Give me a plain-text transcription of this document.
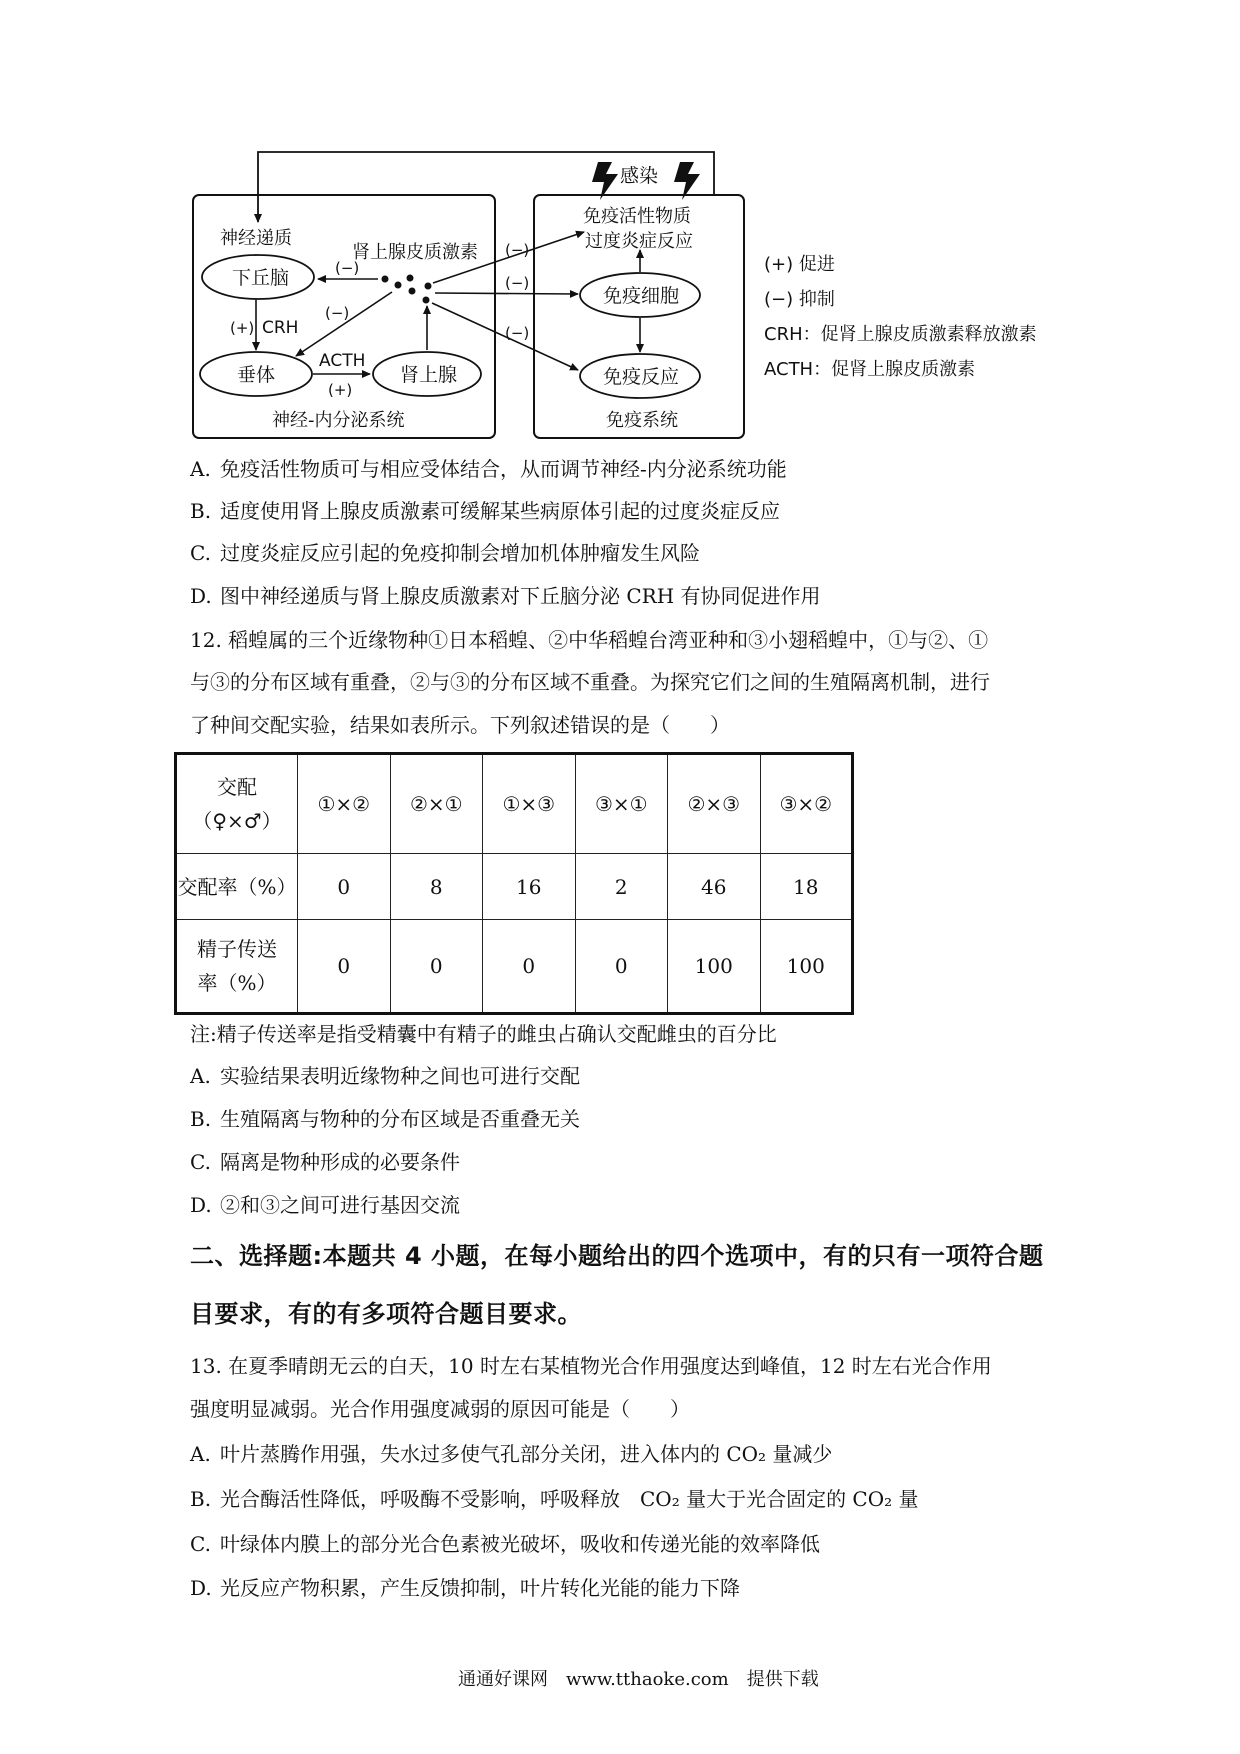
感染
免疫活性物质
过度炎症反应
神经递质
肾上腺皮质激素
下丘脑
垂体	肾上腺
免疫细胞
免疫反应
CRH
ACTH
神经-内分泌系统	免疫系统
(−)
(+)
(−)
(+)
(−)
(−)
(−)
(+) 促进
(−) 抑制
CRH：促肾上腺皮质激素释放激素
ACTH：促肾上腺皮质激素
A. 免疫活性物质可与相应受体结合，从而调节神经-内分泌系统功能
B. 适度使用肾上腺皮质激素可缓解某些病原体引起的过度炎症反应
C. 过度炎症反应引起的免疫抑制会增加机体肿瘤发生风险
D. 图中神经递质与肾上腺皮质激素对下丘脑分泌 CRH 有协同促进作用
12. 稻蝗属的三个近缘物种①日本稻蝗、②中华稻蝗台湾亚种和③小翅稻蝗中，①与②、①
与③的分布区域有重叠，②与③的分布区域不重叠。为探究它们之间的生殖隔离机制，进行
了种间交配实验，结果如表所示。下列叙述错误的是（　　）
交配
（♀×♂）	①×②	②×①	①×③	③×①	②×③	③×②
交配率（%）	0	8	16	2	46	18

精子传送
率（%）	0	0	0	0	100	100
注:精子传送率是指受精囊中有精子的雌虫占确认交配雌虫的百分比
A. 实验结果表明近缘物种之间也可进行交配
B. 生殖隔离与物种的分布区域是否重叠无关
C. 隔离是物种形成的必要条件
D. ②和③之间可进行基因交流
二、选择题:本题共 4 小题，在每小题给出的四个选项中，有的只有一项符合题
目要求，有的有多项符合题目要求。
13. 在夏季晴朗无云的白天，10 时左右某植物光合作用强度达到峰值，12 时左右光合作用
强度明显减弱。光合作用强度减弱的原因可能是（　　）
A. 叶片蒸腾作用强，失水过多使气孔部分关闭，进入体内的 CO₂ 量减少
B. 光合酶活性降低，呼吸酶不受影响，呼吸释放　CO₂ 量大于光合固定的 CO₂ 量
C. 叶绿体内膜上的部分光合色素被光破坏，吸收和传递光能的效率降低
D. 光反应产物积累，产生反馈抑制，叶片转化光能的能力下降
通通好课网　www.tthaoke.com　提供下载
